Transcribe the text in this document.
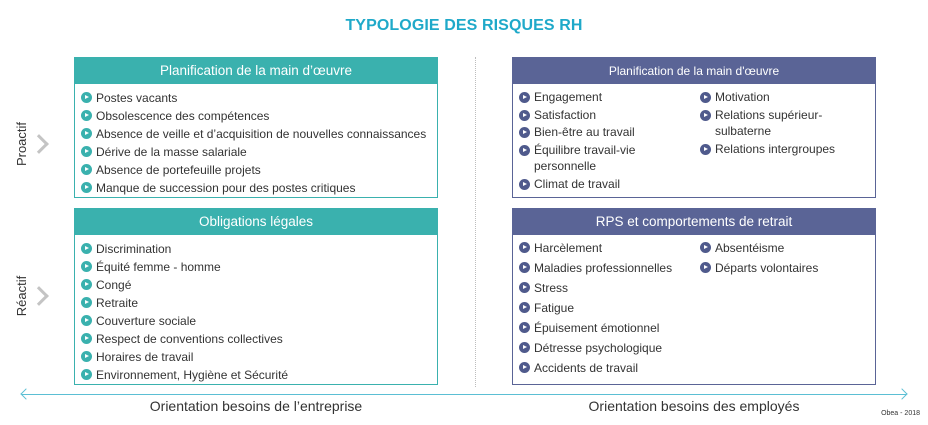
TYPOLOGIE DES RISQUES RH
Proactif
Réactif
Planification de la main d’œuvre
Postes vacants
Obsolescence des compétences
Absence de veille et d’acquisition de nouvelles connaissances
Dérive de la masse salariale
Absence de portefeuille projets
Manque de succession pour des postes critiques
Obligations légales
Discrimination
Équité femme - homme
Congé
Retraite
Couverture sociale
Respect de conventions collectives
Horaires de travail
Environnement, Hygiène et Sécurité
Planification de la main d'œuvre
Engagement
Satisfaction
Bien-être au travail
Équilibre travail-vie personnelle
Climat de travail
Motivation
Relations supérieur-sulbaterne
Relations intergroupes
RPS et comportements de retrait
Harcèlement
Maladies professionnelles
Stress
Fatigue
Épuisement émotionnel
Détresse psychologique
Accidents de travail
Absentéisme
Départs volontaires
Orientation besoins de l’entreprise	Orientation besoins des employés	Obea - 2018
